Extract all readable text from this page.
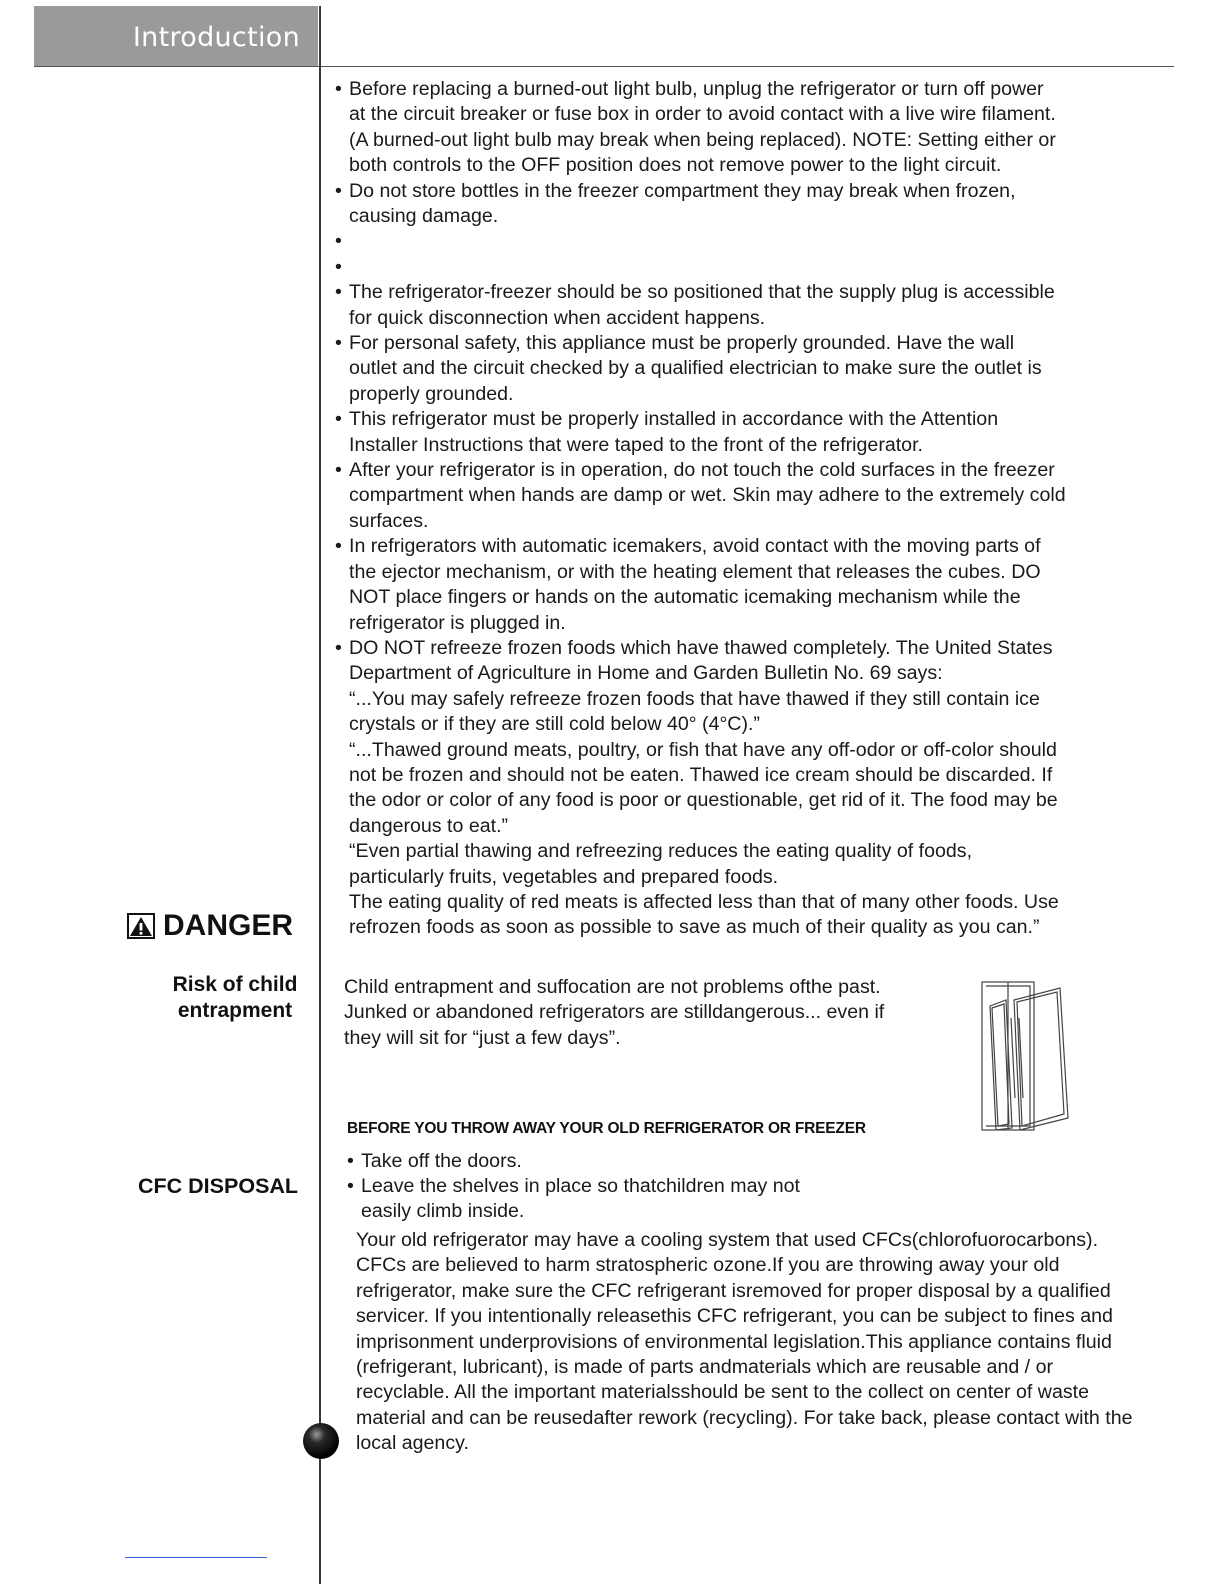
Introduction
• Before replacing a burned-out light bulb, unplug the refrigerator or turn off power
at the circuit breaker or fuse box in order to avoid contact with a live wire filament.
(A burned-out light bulb may break when being replaced). NOTE: Setting either or
both controls to the OFF position does not remove power to the light circuit.
• Do not store bottles in the freezer compartment they may break when frozen,
causing damage.
•
•
• The refrigerator-freezer should be so positioned that the supply plug is accessible
for quick disconnection when accident happens.
• For personal safety, this appliance must be properly grounded. Have the wall
outlet and the circuit checked by a qualified electrician to make sure the outlet is
properly grounded.
• This refrigerator must be properly installed in accordance with the Attention
Installer Instructions that were taped to the front of the refrigerator.
• After your refrigerator is in operation, do not touch the cold surfaces in the freezer
compartment when hands are damp or wet. Skin may adhere to the extremely cold
surfaces.
• In refrigerators with automatic icemakers, avoid contact with the moving parts of
the ejector mechanism, or with the heating element that releases the cubes. DO
NOT place fingers or hands on the automatic icemaking mechanism while the
refrigerator is plugged in.
• DO NOT refreeze frozen foods which have thawed completely. The United States
Department of Agriculture in Home and Garden Bulletin No. 69 says:
“...You may safely refreeze frozen foods that have thawed if they still contain ice
crystals or if they are still cold below 40° (4°C).”
“...Thawed ground meats, poultry, or fish that have any off-odor or off-color should
not be frozen and should not be eaten. Thawed ice cream should be discarded. If
the odor or color of any food is poor or questionable, get rid of it. The food may be
dangerous to eat.”
“Even partial thawing and refreezing reduces the eating quality of foods,
particularly fruits, vegetables and prepared foods.
The eating quality of red meats is affected less than that of many other foods. Use
refrozen foods as soon as possible to save as much of their quality as you can.”
DANGER
Risk of child
entrapment
Child entrapment and suffocation are not problems ofthe past. Junked or abandoned refrigerators are stilldangerous... even if they will sit for “just a few days”.
BEFORE YOU THROW AWAY YOUR OLD REFRIGERATOR OR FREEZER
• Take off the doors.
• Leave the shelves in place so thatchildren may not easily climb inside.
CFC DISPOSAL
Your old refrigerator may have a cooling system that used CFCs(chlorofuorocarbons). CFCs are believed to harm stratospheric ozone.If you are throwing away your old refrigerator, make sure the CFC refrigerant isremoved for proper disposal by a qualified servicer. If you intentionally releasethis CFC refrigerant, you can be subject to fines and imprisonment underprovisions of environmental legislation.This appliance contains fluid (refrigerant, lubricant), is made of parts andmaterials which are reusable and / or recyclable. All the important materialsshould be sent to the collect on center of waste material and can be reusedafter rework (recycling). For take back, please contact with the local agency.
